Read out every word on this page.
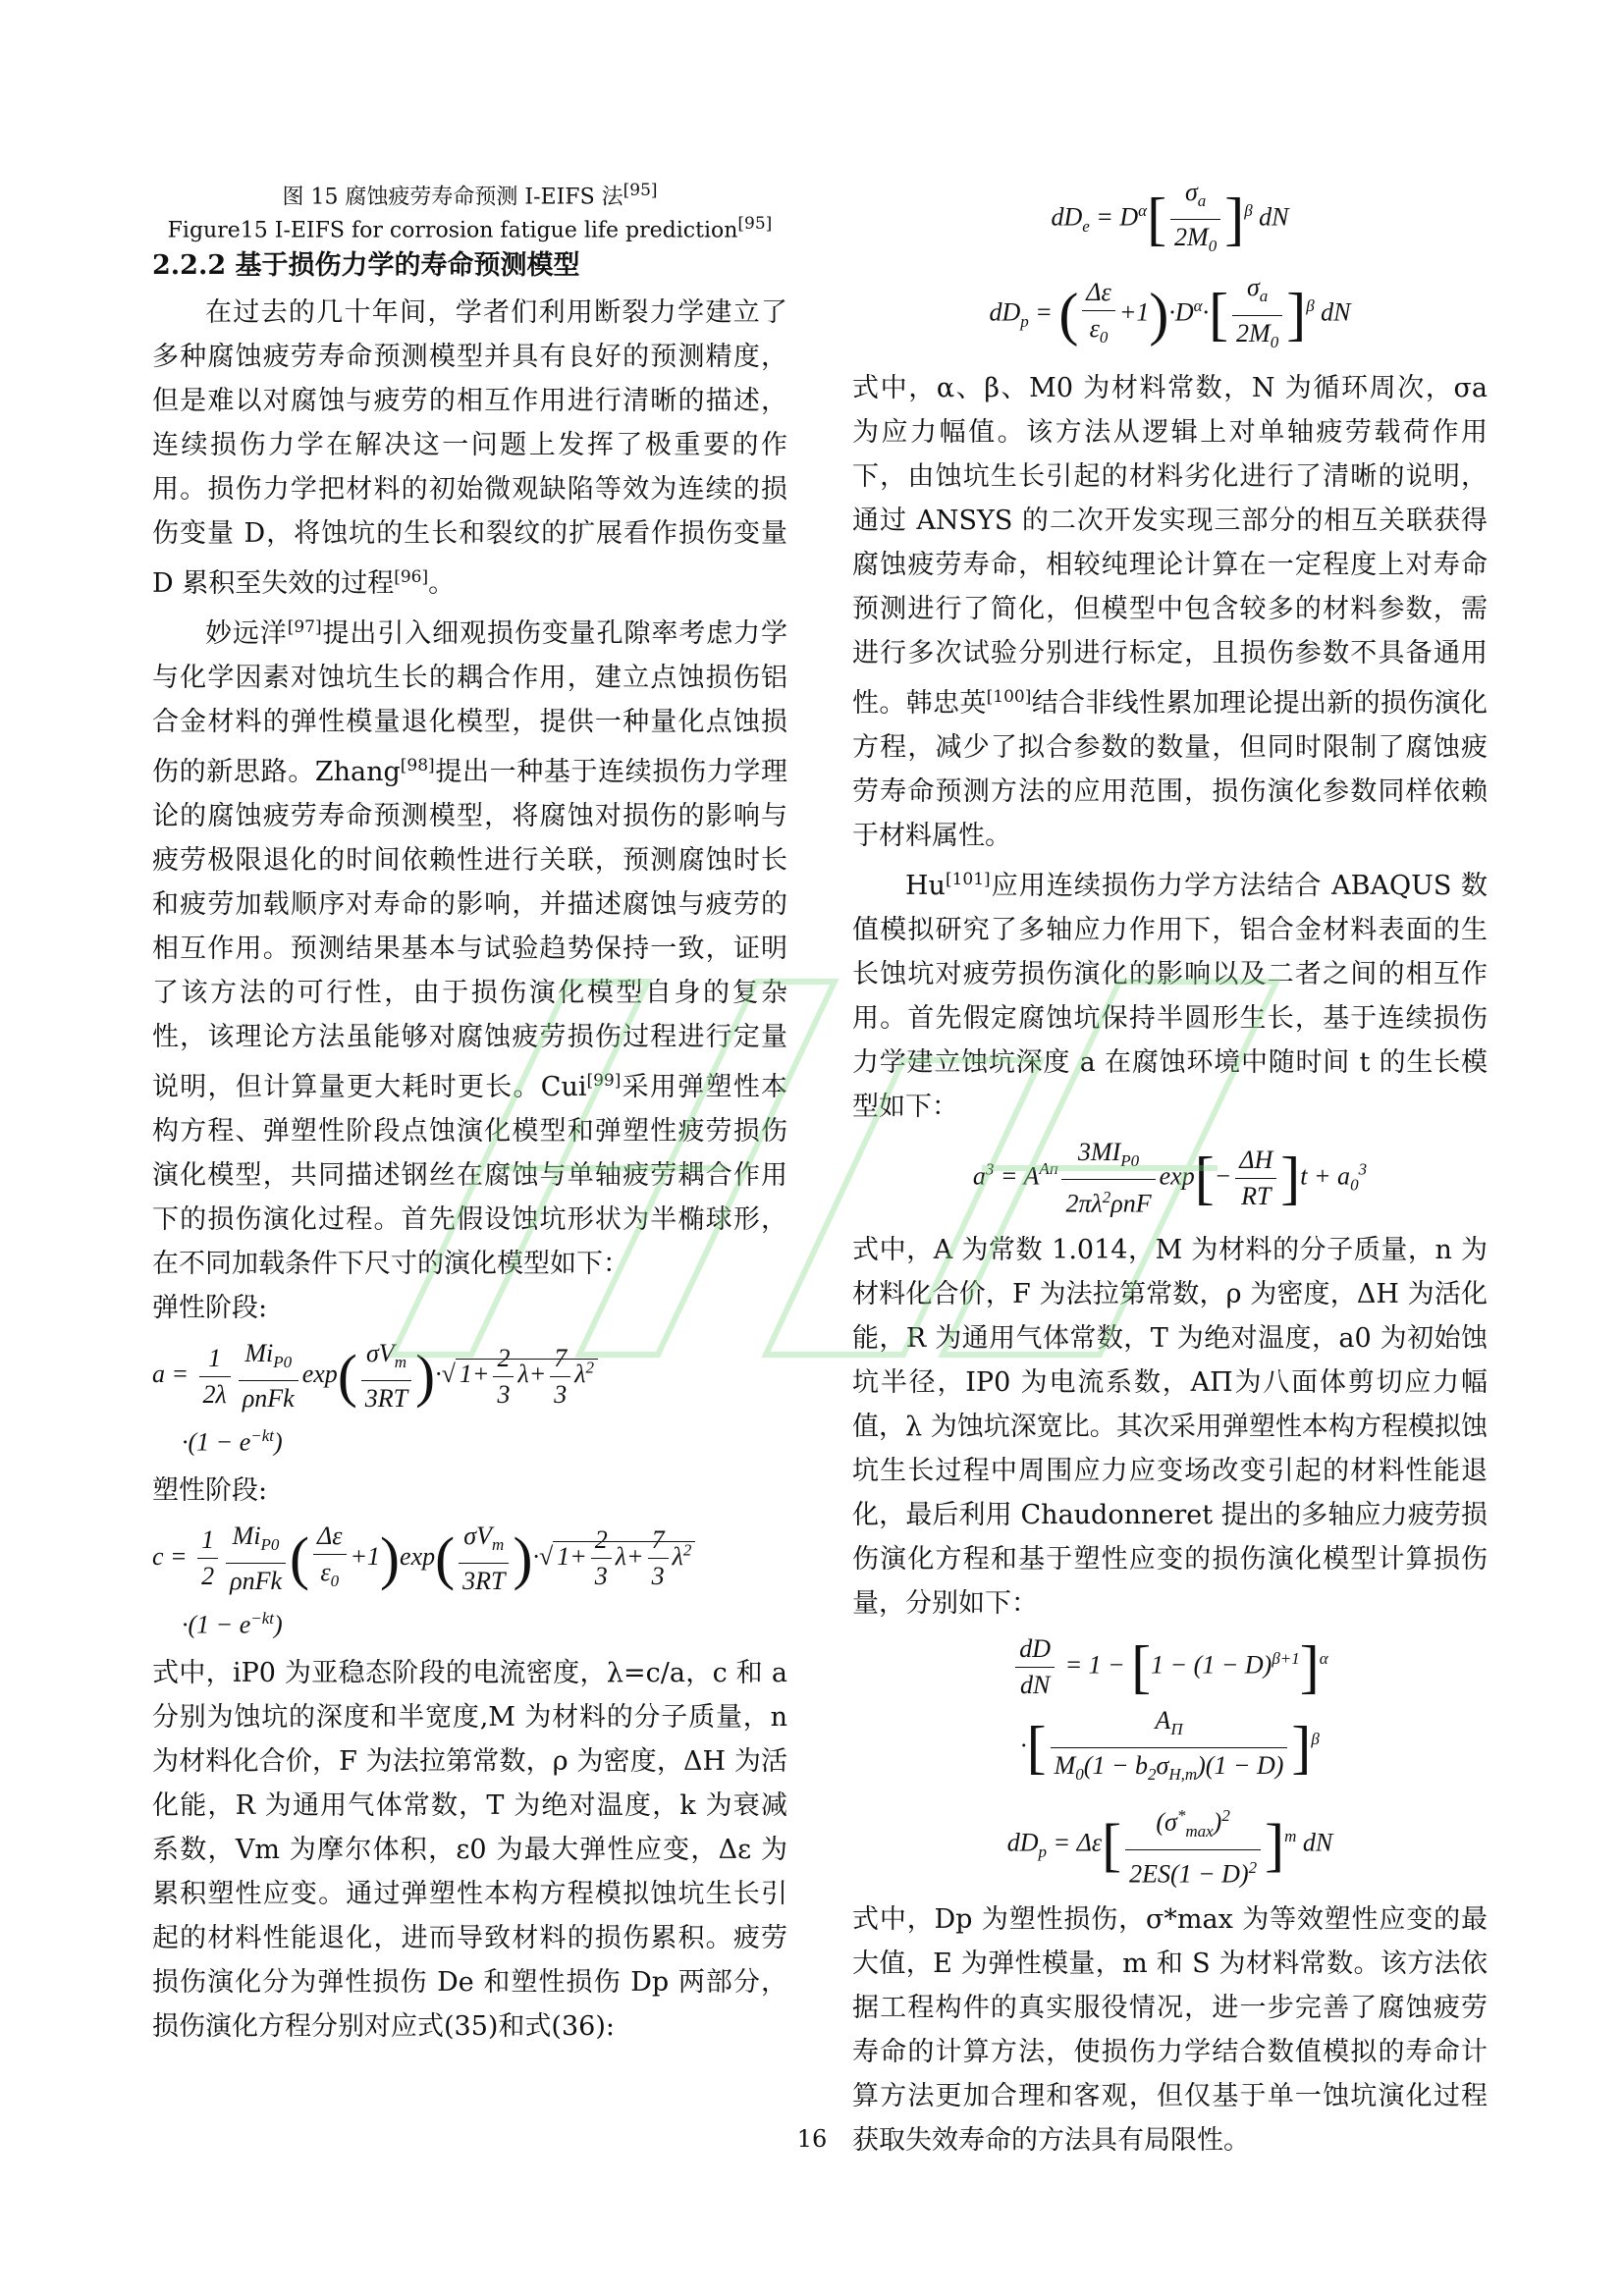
图 15 腐蚀疲劳寿命预测 I-EIFS 法[95]
Figure15 I-EIFS for corrosion fatigue life prediction[95]
2.2.2 基于损伤力学的寿命预测模型

在过去的几十年间，学者们利用断裂力学建立了多种腐蚀疲劳寿命预测模型并具有良好的预测精度，但是难以对腐蚀与疲劳的相互作用进行清晰的描述，连续损伤力学在解决这一问题上发挥了极重要的作用。损伤力学把材料的初始微观缺陷等效为连续的损伤变量 D，将蚀坑的生长和裂纹的扩展看作损伤变量 D 累积至失效的过程[96]。

妙远洋[97]提出引入细观损伤变量孔隙率考虑力学与化学因素对蚀坑生长的耦合作用，建立点蚀损伤铝合金材料的弹性模量退化模型，提供一种量化点蚀损伤的新思路。Zhang[98]提出一种基于连续损伤力学理论的腐蚀疲劳寿命预测模型，将腐蚀对损伤的影响与疲劳极限退化的时间依赖性进行关联，预测腐蚀时长和疲劳加载顺序对寿命的影响，并描述腐蚀与疲劳的相互作用。预测结果基本与试验趋势保持一致，证明了该方法的可行性，由于损伤演化模型自身的复杂性，该理论方法虽能够对腐蚀疲劳损伤过程进行定量说明，但计算量更大耗时更长。Cui[99]采用弹塑性本构方程、弹塑性阶段点蚀演化模型和弹塑性疲劳损伤演化模型，共同描述钢丝在腐蚀与单轴疲劳耦合作用下的损伤演化过程。首先假设蚀坑形状为半椭球形，在不同加载条件下尺寸的演化模型如下：

弹性阶段:

$a = \frac{1}{2\lambda} \frac{Mi_{P0}}{\text{ρnFk}} \exp( \frac{\sigma V_m}{3RT}$ )·√ $1+ \frac{2}{3} \lambda+ \frac{7}{3} \lambda^2$
$\cdot(1 - e^{-kt})$

塑性阶段:

$c = \frac{1}{2} \frac{Mi_{P0}}{\text{ρnFk}}$ ( $\frac{\Delta\varepsilon}{\varepsilon_0} +1)\exp( \frac{\sigma V_m}{3RT}$ )·√ $1+ \frac{2}{3} \lambda+ \frac{7}{3} \lambda^2$
$\cdot(1 - e^{-kt})$

式中，iP0 为亚稳态阶段的电流密度，λ=c/a，c 和 a 分别为蚀坑的深度和半宽度,M 为材料的分子质量，n 为材料化合价，F 为法拉第常数，ρ 为密度，ΔH 为活化能，R 为通用气体常数，T 为绝对温度，k 为衰减系数，Vm 为摩尔体积，ε0 为最大弹性应变，Δε 为累积塑性应变。通过弹塑性本构方程模拟蚀坑生长引起的材料性能退化，进而导致材料的损伤累积。疲劳损伤演化分为弹性损伤 De 和塑性损伤 Dp 两部分，损伤演化方程分别对应式(35)和式(36):

$dD_e = D^\alpha[ \frac{\sigma_a}{2M_0} ]^\beta$ dN
$dD_p$ = ( $\frac{\Delta\varepsilon}{\varepsilon_0} +1)\cdot D^\alpha\cdot[ \frac{\sigma_a}{2M_0} ]^\beta$ dN

式中，α、β、M0 为材料常数，N 为循环周次，σa 为应力幅值。该方法从逻辑上对单轴疲劳载荷作用下，由蚀坑生长引起的材料劣化进行了清晰的说明，通过 ANSYS 的二次开发实现三部分的相互关联获得腐蚀疲劳寿命，相较纯理论计算在一定程度上对寿命预测进行了简化，但模型中包含较多的材料参数，需进行多次试验分别进行标定，且损伤参数不具备通用性。韩忠英[100]结合非线性累加理论提出新的损伤演化方程，减少了拟合参数的数量，但同时限制了腐蚀疲劳寿命预测方法的应用范围，损伤演化参数同样依赖于材料属性。

Hu[101]应用连续损伤力学方法结合 ABAQUS 数值模拟研究了多轴应力作用下，铝合金材料表面的生长蚀坑对疲劳损伤演化的影响以及二者之间的相互作用。首先假定腐蚀坑保持半圆形生长，基于连续损伤力学建立蚀坑深度 a 在腐蚀环境中随时间 t 的生长模型如下：

$a^3 = A^{A\Pi} \frac{3MI_{P0}}{2\pi\lambda^2\rho nF} \exp[- \frac{\Delta H}{RT} ]t + a_0^3$

式中，A 为常数 1.014，M 为材料的分子质量，n 为材料化合价，F 为法拉第常数，ρ 为密度，ΔH 为活化能，R 为通用气体常数，T 为绝对温度，a0 为初始蚀坑半径，IP0 为电流系数，AΠ为八面体剪切应力幅值，λ 为蚀坑深宽比。其次采用弹塑性本构方程模拟蚀坑生长过程中周围应力应变场改变引起的材料性能退化，最后利用 Chaudonneret 提出的多轴应力疲劳损伤演化方程和基于塑性应变的损伤演化模型计算损伤量，分别如下：

$\frac{dD}{dN} = 1 - [1 - (1 - D)^{\beta+1}]^\alpha$
·[ $\frac{A_\Pi}{M_0(1 - b_2\sigma_{H,m})(1 - D)} ]^\beta$
$dD_p = \Delta\varepsilon[ \frac{(\sigma^*_{max})^2}{2ES(1 - D)^2} ]^m$ dN

式中，Dp 为塑性损伤，σ*max 为等效塑性应变的最大值，E 为弹性模量，m 和 S 为材料常数。该方法依据工程构件的真实服役情况，进一步完善了腐蚀疲劳寿命的计算方法，使损伤力学结合数值模拟的寿命计算方法更加合理和客观，但仅基于单一蚀坑演化过程获取失效寿命的方法具有局限性。

16
